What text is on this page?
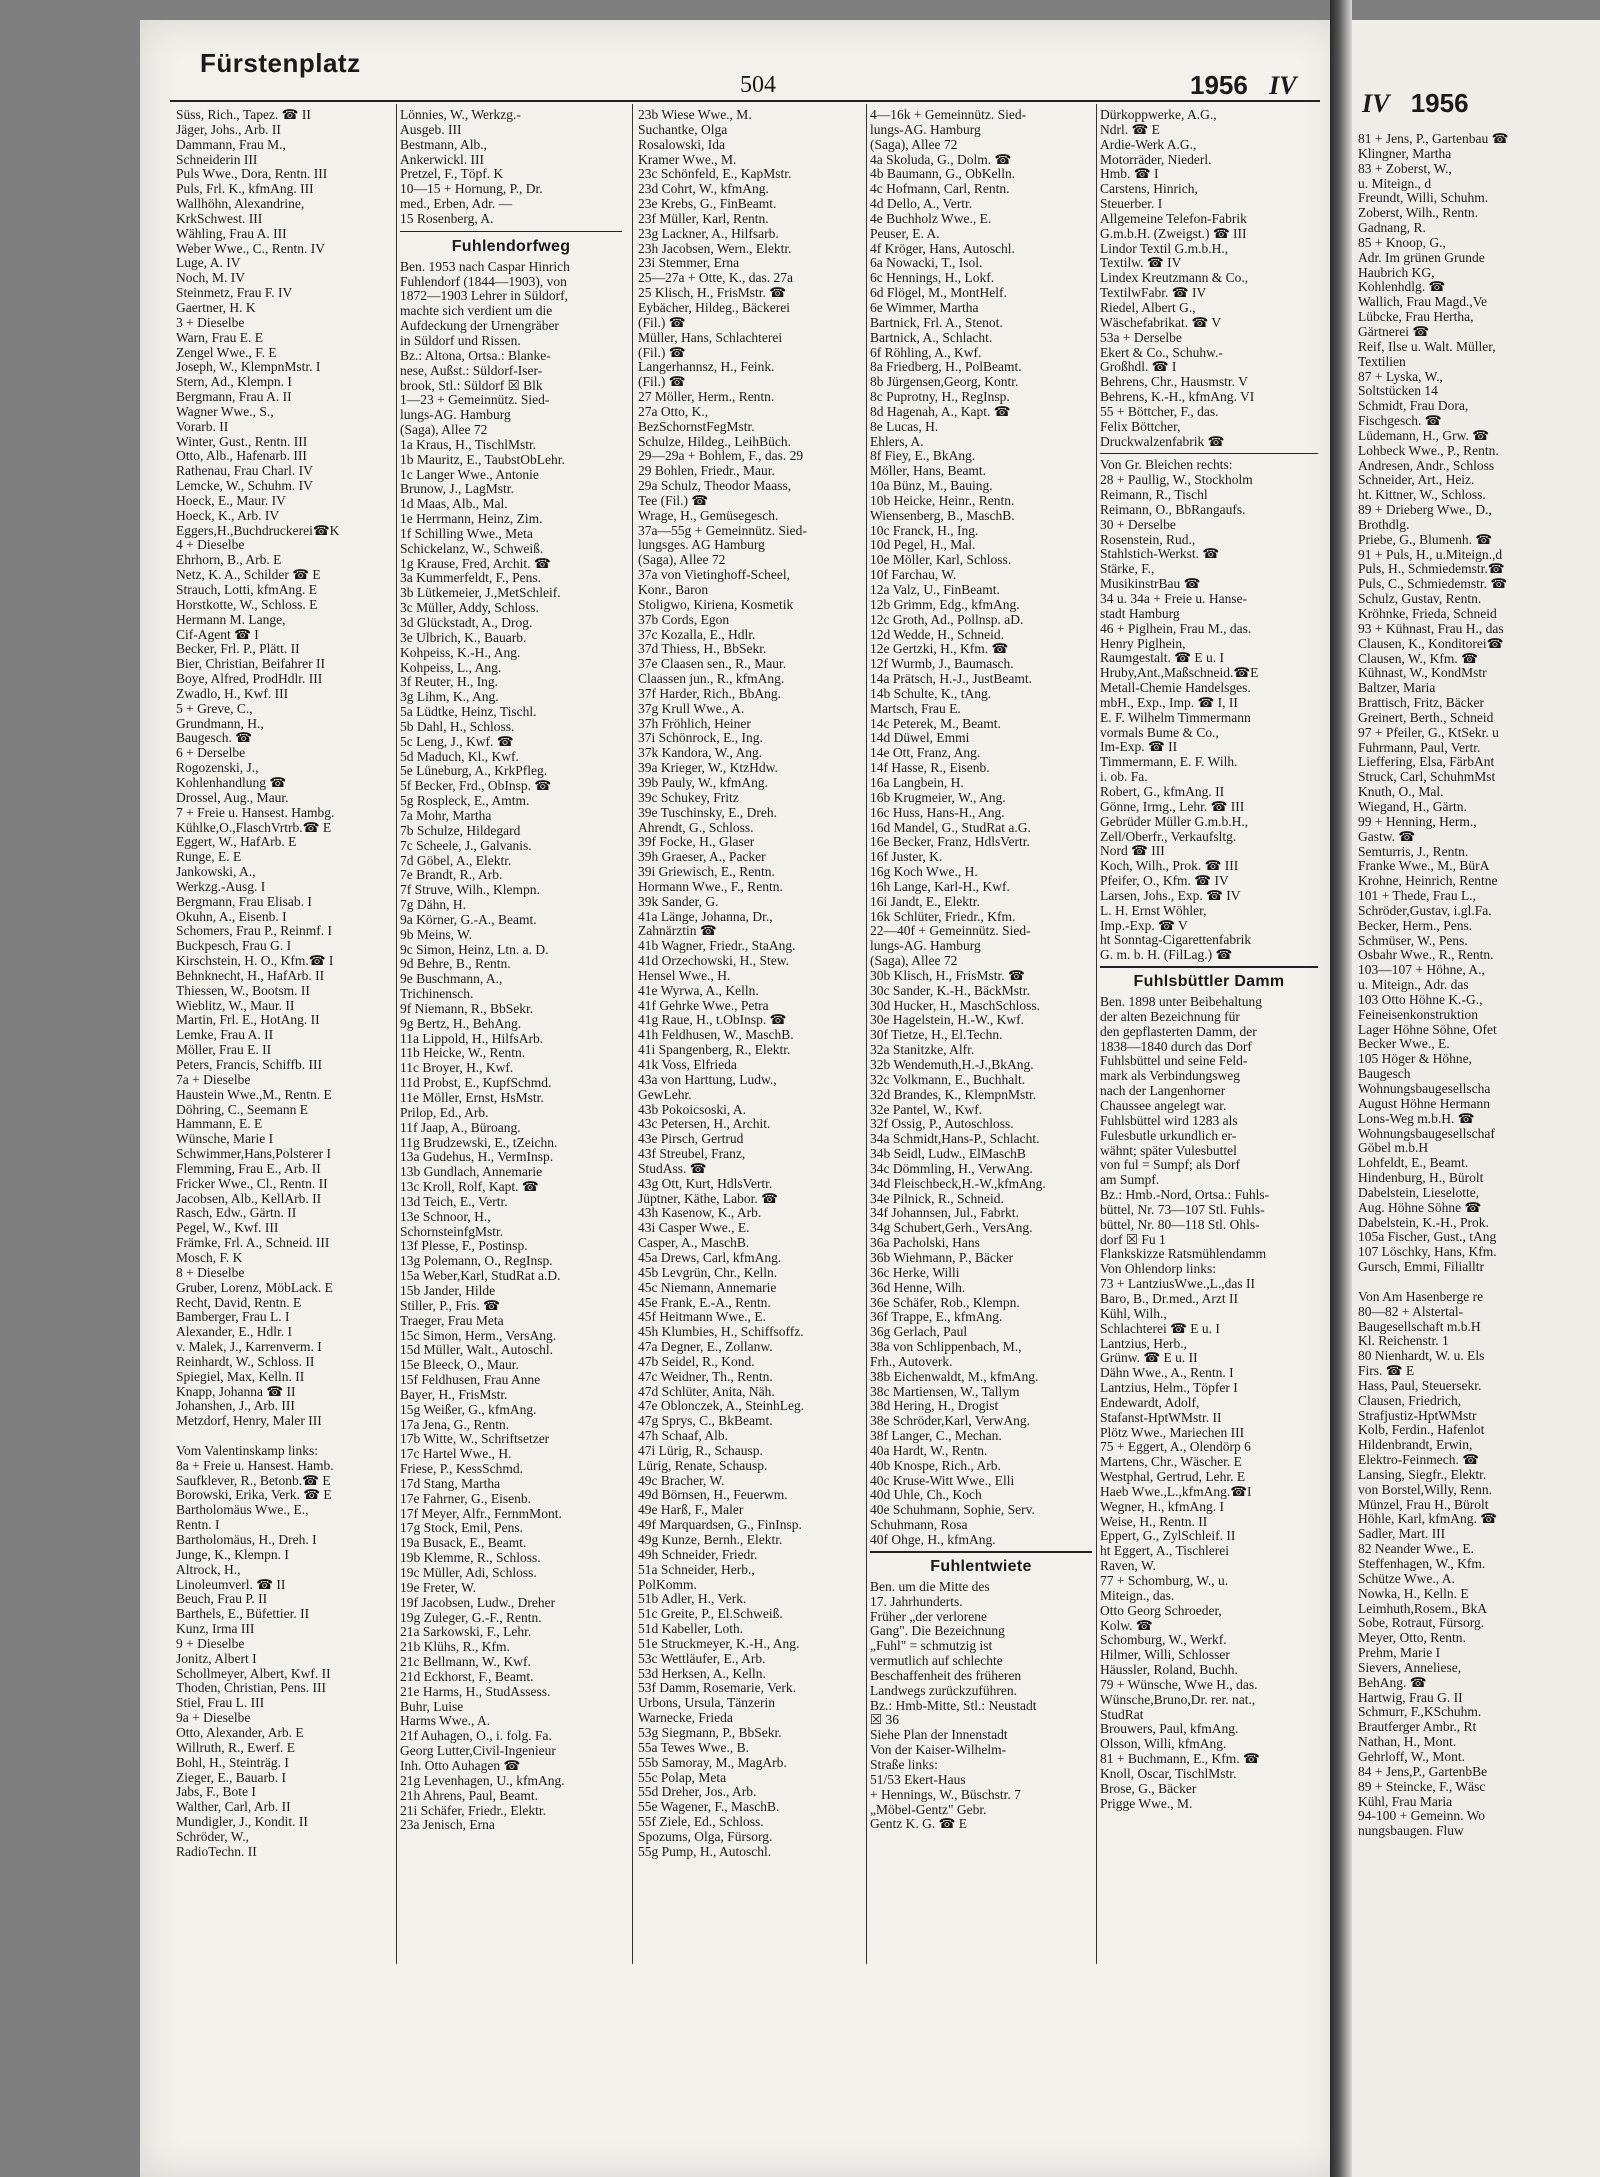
IV 1956
81 + Jens, P., Gartenbau ☎
Klingner, Martha
83 + Zoberst, W.,
u. Miteign., d
Freundt, Willi, Schuhm.
Zoberst, Wilh., Rentn.
Gadnang, R.
85 + Knoop, G.,
Adr. Im grünen Grunde
Haubrich KG,
Kohlenhdlg. ☎
Wallich, Frau Magd.,Ve
Lübcke, Frau Hertha,
Gärtnerei ☎
Reif, Ilse u. Walt. Müller,
Textilien
87 + Lyska, W.,
Soltstücken 14
Schmidt, Frau Dora,
Fischgesch. ☎
Lüdemann, H., Grw. ☎
Lohbeck Wwe., P., Rentn.
Andresen, Andr., Schloss
Schneider, Art., Heiz.
ht. Kittner, W., Schloss.
89 + Drieberg Wwe., D.,
Brothdlg.
Priebe, G., Blumenh. ☎
91 + Puls, H., u.Miteign.,d
Puls, H., Schmiedemstr.☎
Puls, C., Schmiedemstr. ☎
Schulz, Gustav, Rentn.
Kröhnke, Frieda, Schneid
93 + Kühnast, Frau H., das
Clausen, K., Konditorei☎
Clausen, W., Kfm. ☎
Kühnast, W., KondMstr
Baltzer, Maria
Brattisch, Fritz, Bäcker
Greinert, Berth., Schneid
97 + Pfeiler, G., KtSekr. u
Fuhrmann, Paul, Vertr.
Lieffering, Elsa, FärbAnt
Struck, Carl, SchuhmMst
Knuth, O., Mal.
Wiegand, H., Gärtn.
99 + Henning, Herm.,
Gastw. ☎
Semturris, J., Rentn.
Franke Wwe., M., BürA
Krohne, Heinrich, Rentne
101 + Thede, Frau L.,
Schröder,Gustav, i.gl.Fa.
Becker, Herm., Pens.
Schmüser, W., Pens.
Osbahr Wwe., R., Rentn.
103—107 + Höhne, A.,
u. Miteign., Adr. das
103 Otto Höhne K.-G.,
Feineisenkonstruktion
Lager Höhne Söhne, Ofet
Becker Wwe., E.
105 Höger & Höhne,
Baugesch
Wohnungsbaugesellscha
August Höhne Hermann
Lons-Weg m.b.H. ☎
Wohnungsbaugesellschaf
Göbel m.b.H
Lohfeldt, E., Beamt.
Hindenburg, H., Bürolt
Dabelstein, Lieselotte,
Aug. Höhne Söhne ☎
Dabelstein, K.-H., Prok.
105a Fischer, Gust., tAng
107 Löschky, Hans, Kfm.
Gursch, Emmi, Filialltr

Von Am Hasenberge re
80—82 + Alstertal-
Baugesellschaft m.b.H
Kl. Reichenstr. 1
80 Nienhardt, W. u. Els
Firs. ☎ E
Hass, Paul, Steuersekr.
Clausen, Friedrich,
Strafjustiz-HptWMstr
Kolb, Ferdin., Hafenlot
Hildenbrandt, Erwin,
Elektro-Feinmech. ☎
Lansing, Siegfr., Elektr.
von Borstel,Willy, Renn.
Münzel, Frau H., Bürolt
Höhle, Karl, kfmAng. ☎
Sadler, Mart. III
82 Neander Wwe., E.
Steffenhagen, W., Kfm.
Schütze Wwe., A.
Nowka, H., Kelln. E
Leimhuth,Rosem., BkA
Sobe, Rotraut, Fürsorg.
Meyer, Otto, Rentn.
Prehm, Marie I
Sievers, Anneliese,
BehAng. ☎
Hartwig, Frau G. II
Schmurr, F.,KSchuhm.
Brautferger Ambr., Rt
Nathan, H., Mont.
Gehrloff, W., Mont.
84 + Jens,P., GartenbBe
89 + Steincke, F., Wäsc
Kühl, Frau Maria
94-100 + Gemeinn. Wo
nungsbaugen. Fluw
Fürstenplatz
504	1956 IV
Süss, Rich., Tapez. ☎ II
Jäger, Johs., Arb. II
Dammann, Frau M.,
Schneiderin III
Puls Wwe., Dora, Rentn. III
Puls, Frl. K., kfmAng. III
Wallhöhn, Alexandrine,
KrkSchwest. III
Wähling, Frau A. III
Weber Wwe., C., Rentn. IV
Luge, A. IV
Noch, M. IV
Steinmetz, Frau F. IV
Gaertner, H. K
3 + Dieselbe
Warn, Frau E. E
Zengel Wwe., F. E
Joseph, W., KlempnMstr. I
Stern, Ad., Klempn. I
Bergmann, Frau A. II
Wagner Wwe., S.,
Vorarb. II
Winter, Gust., Rentn. III
Otto, Alb., Hafenarb. III
Rathenau, Frau Charl. IV
Lemcke, W., Schuhm. IV
Hoeck, E., Maur. IV
Hoeck, K., Arb. IV
Eggers,H.,Buchdruckerei☎K
4 + Dieselbe
Ehrhorn, B., Arb. E
Netz, K. A., Schilder ☎ E
Strauch, Lotti, kfmAng. E
Horstkotte, W., Schloss. E
Hermann M. Lange,
Cif-Agent ☎ I
Becker, Frl. P., Plätt. II
Bier, Christian, Beifahrer II
Boye, Alfred, ProdHdlr. III
Zwadlo, H., Kwf. III
5 + Greve, C.,
Grundmann, H.,
Baugesch. ☎
6 + Derselbe
Rogozenski, J.,
Kohlenhandlung ☎
Drossel, Aug., Maur.
7 + Freie u. Hansest. Hambg.
Kühlke,O.,FlaschVrtrb.☎ E
Eggert, W., HafArb. E
Runge, E. E
Jankowski, A.,
Werkzg.-Ausg. I
Bergmann, Frau Elisab. I
Okuhn, A., Eisenb. I
Schomers, Frau P., Reinmf. I
Buckpesch, Frau G. I
Kirschstein, H. O., Kfm.☎ I
Behnknecht, H., HafArb. II
Thiessen, W., Bootsm. II
Wieblitz, W., Maur. II
Martin, Frl. E., HotAng. II
Lemke, Frau A. II
Möller, Frau E. II
Peters, Francis, Schiffb. III
7a + Dieselbe
Haustein Wwe.,M., Rentn. E
Döhring, C., Seemann E
Hammann, E. E
Wünsche, Marie I
Schwimmer,Hans,Polsterer I
Flemming, Frau E., Arb. II
Fricker Wwe., Cl., Rentn. II
Jacobsen, Alb., KellArb. II
Rasch, Edw., Gärtn. II
Pegel, W., Kwf. III
Främke, Frl. A., Schneid. III
Mosch, F. K
8 + Dieselbe
Gruber, Lorenz, MöbLack. E
Recht, David, Rentn. E
Bamberger, Frau L. I
Alexander, E., Hdlr. I
v. Malek, J., Karrenverm. I
Reinhardt, W., Schloss. II
Spiegiel, Max, Kelln. II
Knapp, Johanna ☎ II
Johanshen, J., Arb. III
Metzdorf, Henry, Maler III

Vom Valentinskamp links:
8a + Freie u. Hansest. Hamb.
Saufklever, R., Betonb.☎ E
Borowski, Erika, Verk. ☎ E
Bartholomäus Wwe., E.,
Rentn. I
Bartholomäus, H., Dreh. I
Junge, K., Klempn. I
Altrock, H.,
Linoleumverl. ☎ II
Beuch, Frau P. II
Barthels, E., Büfettier. II
Kunz, Irma III
9 + Dieselbe
Jonitz, Albert I
Schollmeyer, Albert, Kwf. II
Thoden, Christian, Pens. III
Stiel, Frau L. III
9a + Dieselbe
Otto, Alexander, Arb. E
Willruth, R., Ewerf. E
Bohl, H., Steinträg. I
Zieger, E., Bauarb. I
Jabs, F., Bote I
Walther, Carl, Arb. II
Mundigler, J., Kondit. II
Schröder, W.,
RadioTechn. II
Lönnies, W., Werkzg.-
Ausgeb. III
Bestmann, Alb.,
Ankerwickl. III
Pretzel, F., Töpf. K
10—15 + Hornung, P., Dr.
med., Erben, Adr. —
15 Rosenberg, A.
Fuhlendorfweg
Ben. 1953 nach Caspar Hinrich
Fuhlendorf (1844—1903), von
1872—1903 Lehrer in Süldorf,
machte sich verdient um die
Aufdeckung der Urnengräber
in Süldorf und Rissen.
Bz.: Altona, Ortsa.: Blanke-
nese, Außst.: Süldorf-Iser-
brook, Stl.: Süldorf ☒ Blk
1—23 + Gemeinnütz. Sied-
lungs-AG. Hamburg
(Saga), Allee 72
1a Kraus, H., TischlMstr.
1b Mauritz, E., TaubstObLehr.
1c Langer Wwe., Antonie
Brunow, J., LagMstr.
1d Maas, Alb., Mal.
1e Herrmann, Heinz, Zim.
1f Schilling Wwe., Meta
Schickelanz, W., Schweiß.
1g Krause, Fred, Archit. ☎
3a Kummerfeldt, F., Pens.
3b Lütkemeier, J.,MetSchleif.
3c Müller, Addy, Schloss.
3d Glückstadt, A., Drog.
3e Ulbrich, K., Bauarb.
Kohpeiss, K.-H., Ang.
Kohpeiss, L., Ang.
3f Reuter, H., Ing.
3g Lihm, K., Ang.
5a Lüdtke, Heinz, Tischl.
5b Dahl, H., Schloss.
5c Leng, J., Kwf. ☎
5d Maduch, Kl., Kwf.
5e Lüneburg, A., KrkPfleg.
5f Becker, Frd., ObInsp. ☎
5g Rospleck, E., Amtm.
7a Mohr, Martha
7b Schulze, Hildegard
7c Scheele, J., Galvanis.
7d Göbel, A., Elektr.
7e Brandt, R., Arb.
7f Struve, Wilh., Klempn.
7g Dähn, H.
9a Körner, G.-A., Beamt.
9b Meins, W.
9c Simon, Heinz, Ltn. a. D.
9d Behre, B., Rentn.
9e Buschmann, A.,
Trichinensch.
9f Niemann, R., BbSekr.
9g Bertz, H., BehAng.
11a Lippold, H., HilfsArb.
11b Heicke, W., Rentn.
11c Broyer, H., Kwf.
11d Probst, E., KupfSchmd.
11e Möller, Ernst, HsMstr.
Prilop, Ed., Arb.
11f Jaap, A., Büroang.
11g Brudzewski, E., tZeichn.
13a Gudehus, H., VermInsp.
13b Gundlach, Annemarie
13c Kroll, Rolf, Kapt. ☎
13d Teich, E., Vertr.
13e Schnoor, H.,
SchornsteinfgMstr.
13f Plesse, F., Postinsp.
13g Polemann, O., RegInsp.
15a Weber,Karl, StudRat a.D.
15b Jander, Hilde
Stiller, P., Fris. ☎
Traeger, Frau Meta
15c Simon, Herm., VersAng.
15d Müller, Walt., Autoschl.
15e Bleeck, O., Maur.
15f Feldhusen, Frau Anne
Bayer, H., FrisMstr.
15g Weißer, G., kfmAng.
17a Jena, G., Rentn.
17b Witte, W., Schriftsetzer
17c Hartel Wwe., H.
Friese, P., KessSchmd.
17d Stang, Martha
17e Fahrner, G., Eisenb.
17f Meyer, Alfr., FernmMont.
17g Stock, Emil, Pens.
19a Busack, E., Beamt.
19b Klemme, R., Schloss.
19c Müller, Adi, Schloss.
19e Freter, W.
19f Jacobsen, Ludw., Dreher
19g Zuleger, G.-F., Rentn.
21a Sarkowski, F., Lehr.
21b Klühs, R., Kfm.
21c Bellmann, W., Kwf.
21d Eckhorst, F., Beamt.
21e Harms, H., StudAssess.
Buhr, Luise
Harms Wwe., A.
21f Auhagen, O., i. folg. Fa.
Georg Lutter,Civil-Ingenieur
Inh. Otto Auhagen ☎
21g Levenhagen, U., kfmAng.
21h Ahrens, Paul, Beamt.
21i Schäfer, Friedr., Elektr.
23a Jenisch, Erna
23b Wiese Wwe., M.
Suchantke, Olga
Rosalowski, Ida
Kramer Wwe., M.
23c Schönfeld, E., KapMstr.
23d Cohrt, W., kfmAng.
23e Krebs, G., FinBeamt.
23f Müller, Karl, Rentn.
23g Lackner, A., Hilfsarb.
23h Jacobsen, Wern., Elektr.
23i Stemmer, Erna
25—27a + Otte, K., das. 27a
25 Klisch, H., FrisMstr. ☎
Eybächer, Hildeg., Bäckerei
(Fil.) ☎
Müller, Hans, Schlachterei
(Fil.) ☎
Langerhannsz, H., Feink.
(Fil.) ☎
27 Möller, Herm., Rentn.
27a Otto, K.,
BezSchornstFegMstr.
Schulze, Hildeg., LeihBüch.
29—29a + Bohlem, F., das. 29
29 Bohlen, Friedr., Maur.
29a Schulz, Theodor Maass,
Tee (Fil.) ☎
Wrage, H., Gemüsegesch.
37a—55g + Gemeinnütz. Sied-
lungsges. AG Hamburg
(Saga), Allee 72
37a von Vietinghoff-Scheel,
Konr., Baron
Stoligwo, Kiriena, Kosmetik
37b Cords, Egon
37c Kozalla, E., Hdlr.
37d Thiess, H., BbSekr.
37e Claasen sen., R., Maur.
Claassen jun., R., kfmAng.
37f Harder, Rich., BbAng.
37g Krull Wwe., A.
37h Fröhlich, Heiner
37i Schönrock, E., Ing.
37k Kandora, W., Ang.
39a Krieger, W., KtzHdw.
39b Pauly, W., kfmAng.
39c Schukey, Fritz
39e Tuschinsky, E., Dreh.
Ahrendt, G., Schloss.
39f Focke, H., Glaser
39h Graeser, A., Packer
39i Griewisch, E., Rentn.
Hormann Wwe., F., Rentn.
39k Sander, G.
41a Länge, Johanna, Dr.,
Zahnärztin ☎
41b Wagner, Friedr., StaAng.
41d Orzechowski, H., Stew.
Hensel Wwe., H.
41e Wyrwa, A., Kelln.
41f Gehrke Wwe., Petra
41g Raue, H., t.ObInsp. ☎
41h Feldhusen, W., MaschB.
41i Spangenberg, R., Elektr.
41k Voss, Elfrieda
43a von Harttung, Ludw.,
GewLehr.
43b Pokoicsoski, A.
43c Petersen, H., Archit.
43e Pirsch, Gertrud
43f Streubel, Franz,
StudAss. ☎
43g Ott, Kurt, HdlsVertr.
Jüptner, Käthe, Labor. ☎
43h Kasenow, K., Arb.
43i Casper Wwe., E.
Casper, A., MaschB.
45a Drews, Carl, kfmAng.
45b Levgrün, Chr., Kelln.
45c Niemann, Annemarie
45e Frank, E.-A., Rentn.
45f Heitmann Wwe., E.
45h Klumbies, H., Schiffsoffz.
47a Degner, E., Zollanw.
47b Seidel, R., Kond.
47c Weidner, Th., Rentn.
47d Schlüter, Anita, Näh.
47e Oblonczek, A., SteinhLeg.
47g Sprys, C., BkBeamt.
47h Schaaf, Alb.
47i Lürig, R., Schausp.
Lürig, Renate, Schausp.
49c Bracher, W.
49d Börnsen, H., Feuerwm.
49e Harß, F., Maler
49f Marquardsen, G., FinInsp.
49g Kunze, Bernh., Elektr.
49h Schneider, Friedr.
51a Schneider, Herb.,
PolKomm.
51b Adler, H., Verk.
51c Greite, P., El.Schweiß.
51d Kabeller, Loth.
51e Struckmeyer, K.-H., Ang.
53c Wettläufer, E., Arb.
53d Herksen, A., Kelln.
53f Damm, Rosemarie, Verk.
Urbons, Ursula, Tänzerin
Warnecke, Frieda
53g Siegmann, P., BbSekr.
55a Tewes Wwe., B.
55b Samoray, M., MagArb.
55c Polap, Meta
55d Dreher, Jos., Arb.
55e Wagener, F., MaschB.
55f Ziele, Ed., Schloss.
Spozums, Olga, Fürsorg.
55g Pump, H., Autoschl.
4—16k + Gemeinnütz. Sied-
lungs-AG. Hamburg
(Saga), Allee 72
4a Skoluda, G., Dolm. ☎
4b Baumann, G., ObKelln.
4c Hofmann, Carl, Rentn.
4d Dello, A., Vertr.
4e Buchholz Wwe., E.
Peuser, E. A.
4f Kröger, Hans, Autoschl.
6a Nowacki, T., Isol.
6c Hennings, H., Lokf.
6d Flögel, M., MontHelf.
6e Wimmer, Martha
Bartnick, Frl. A., Stenot.
Bartnick, A., Schlacht.
6f Röhling, A., Kwf.
8a Friedberg, H., PolBeamt.
8b Jürgensen,Georg, Kontr.
8c Puprotny, H., RegInsp.
8d Hagenah, A., Kapt. ☎
8e Lucas, H.
Ehlers, A.
8f Fiey, E., BkAng.
Möller, Hans, Beamt.
10a Bünz, M., Bauing.
10b Heicke, Heinr., Rentn.
Wiensenberg, B., MaschB.
10c Franck, H., Ing.
10d Pegel, H., Mal.
10e Möller, Karl, Schloss.
10f Farchau, W.
12a Valz, U., FinBeamt.
12b Grimm, Edg., kfmAng.
12c Groth, Ad., Pollnsp. aD.
12d Wedde, H., Schneid.
12e Gertzki, H., Kfm. ☎
12f Wurmb, J., Baumasch.
14a Prätsch, H.-J., JustBeamt.
14b Schulte, K., tAng.
Martsch, Frau E.
14c Peterek, M., Beamt.
14d Düwel, Emmi
14e Ott, Franz, Ang.
14f Hasse, R., Eisenb.
16a Langbein, H.
16b Krugmeier, W., Ang.
16c Huss, Hans-H., Ang.
16d Mandel, G., StudRat a.G.
16e Becker, Franz, HdlsVertr.
16f Juster, K.
16g Koch Wwe., H.
16h Lange, Karl-H., Kwf.
16i Jandt, E., Elektr.
16k Schlüter, Friedr., Kfm.
22—40f + Gemeinnütz. Sied-
lungs-AG. Hamburg
(Saga), Allee 72
30b Klisch, H., FrisMstr. ☎
30c Sander, K.-H., BäckMstr.
30d Hucker, H., MaschSchloss.
30e Hagelstein, H.-W., Kwf.
30f Tietze, H., El.Techn.
32a Stanitzke, Alfr.
32b Wendemuth,H.-J.,BkAng.
32c Volkmann, E., Buchhalt.
32d Brandes, K., KlempnMstr.
32e Pantel, W., Kwf.
32f Ossig, P., Autoschloss.
34a Schmidt,Hans-P., Schlacht.
34b Seidl, Ludw., ElMaschB
34c Dömmling, H., VerwAng.
34d Fleischbeck,H.-W.,kfmAng.
34e Pilnick, R., Schneid.
34f Johannsen, Jul., Fabrkt.
34g Schubert,Gerh., VersAng.
36a Pacholski, Hans
36b Wiehmann, P., Bäcker
36c Herke, Willi
36d Henne, Wilh.
36e Schäfer, Rob., Klempn.
36f Trappe, E., kfmAng.
36g Gerlach, Paul
38a von Schlippenbach, M.,
Frh., Autoverk.
38b Eichenwaldt, M., kfmAng.
38c Martiensen, W., Tallym
38d Hering, H., Drogist
38e Schröder,Karl, VerwAng.
38f Langer, C., Mechan.
40a Hardt, W., Rentn.
40b Knospe, Rich., Arb.
40c Kruse-Witt Wwe., Elli
40d Uhle, Ch., Koch
40e Schuhmann, Sophie, Serv.
Schuhmann, Rosa
40f Ohge, H., kfmAng.
Fuhlentwiete
Ben. um die Mitte des
17. Jahrhunderts.
Früher „der verlorene
Gang". Die Bezeichnung
„Fuhl" = schmutzig ist
vermutlich auf schlechte
Beschaffenheit des früheren
Landwegs zurückzuführen.
Bz.: Hmb-Mitte, Stl.: Neustadt
☒ 36
Siehe Plan der Innenstadt
Von der Kaiser-Wilhelm-
Straße links:
51/53 Ekert-Haus
+ Hennings, W., Büschstr. 7
„Möbel-Gentz" Gebr.
Gentz K. G. ☎ E
Dürkoppwerke, A.G.,
Ndrl. ☎ E
Ardie-Werk A.G.,
Motorräder, Niederl.
Hmb. ☎ I
Carstens, Hinrich,
Steuerber. I
Allgemeine Telefon-Fabrik
G.m.b.H. (Zweigst.) ☎ III
Lindor Textil G.m.b.H.,
Textilw. ☎ IV
Lindex Kreutzmann & Co.,
TextilwFabr. ☎ IV
Riedel, Albert G.,
Wäschefabrikat. ☎ V
53a + Derselbe
Ekert & Co., Schuhw.-
Großhdl. ☎ I
Behrens, Chr., Hausmstr. V
Behrens, K.-H., kfmAng. VI
55 + Böttcher, F., das.
Felix Böttcher,
Druckwalzenfabrik ☎
Von Gr. Bleichen rechts:
28 + Paullig, W., Stockholm
Reimann, R., Tischl
Reimann, O., BbRangaufs.
30 + Derselbe
Rosenstein, Rud.,
Stahlstich-Werkst. ☎
Stärke, F.,
MusikinstrBau ☎
34 u. 34a + Freie u. Hanse-
stadt Hamburg
46 + Piglhein, Frau M., das.
Henry Piglhein,
Raumgestalt. ☎ E u. I
Hruby,Ant.,Maßschneid.☎E
Metall-Chemie Handelsges.
mbH., Exp., Imp. ☎ I, II
E. F. Wilhelm Timmermann
vormals Bume & Co.,
Im-Exp. ☎ II
Timmermann, E. F. Wilh.
i. ob. Fa.
Robert, G., kfmAng. II
Gönne, Irmg., Lehr. ☎ III
Gebrüder Müller G.m.b.H.,
Zell/Oberfr., Verkaufsltg.
Nord ☎ III
Koch, Wilh., Prok. ☎ III
Pfeifer, O., Kfm. ☎ IV
Larsen, Johs., Exp. ☎ IV
L. H. Ernst Wöhler,
Imp.-Exp. ☎ V
ht Sonntag-Cigarettenfabrik
G. m. b. H. (FilLag.) ☎
Fuhlsbüttler Damm
Ben. 1898 unter Beibehaltung
der alten Bezeichnung für
den gepflasterten Damm, der
1838—1840 durch das Dorf
Fuhlsbüttel und seine Feld-
mark als Verbindungsweg
nach der Langenhorner
Chaussee angelegt war.
Fuhlsbüttel wird 1283 als
Fulesbutle urkundlich er-
wähnt; später Vulesbuttel
von ful = Sumpf; als Dorf
am Sumpf.
Bz.: Hmb.-Nord, Ortsa.: Fuhls-
büttel, Nr. 73—107 Stl. Fuhls-
büttel, Nr. 80—118 Stl. Ohls-
dorf ☒ Fu 1
Flankskizze Ratsmühlendamm
Von Ohlendorp links:
73 + LantziusWwe.,L.,das II
Baro, B., Dr.med., Arzt II
Kühl, Wilh.,
Schlachterei ☎ E u. I
Lantzius, Herb.,
Grünw. ☎ E u. II
Dähn Wwe., A., Rentn. I
Lantzius, Helm., Töpfer I
Endewardt, Adolf,
Stafanst-HptWMstr. II
Plötz Wwe., Mariechen III
75 + Eggert, A., Olendörp 6
Martens, Chr., Wäscher. E
Westphal, Gertrud, Lehr. E
Haeb Wwe.,L.,kfmAng.☎I
Wegner, H., kfmAng. I
Weise, H., Rentn. II
Eppert, G., ZylSchleif. II
ht Eggert, A., Tischlerei
Raven, W.
77 + Schomburg, W., u.
Miteign., das.
Otto Georg Schroeder,
Kolw. ☎
Schomburg, W., Werkf.
Hilmer, Willi, Schlosser
Häussler, Roland, Buchh.
79 + Wünsche, Wwe H., das.
Wünsche,Bruno,Dr. rer. nat.,
StudRat
Brouwers, Paul, kfmAng.
Olsson, Willi, kfmAng.
81 + Buchmann, E., Kfm. ☎
Knoll, Oscar, TischlMstr.
Brose, G., Bäcker
Prigge Wwe., M.
